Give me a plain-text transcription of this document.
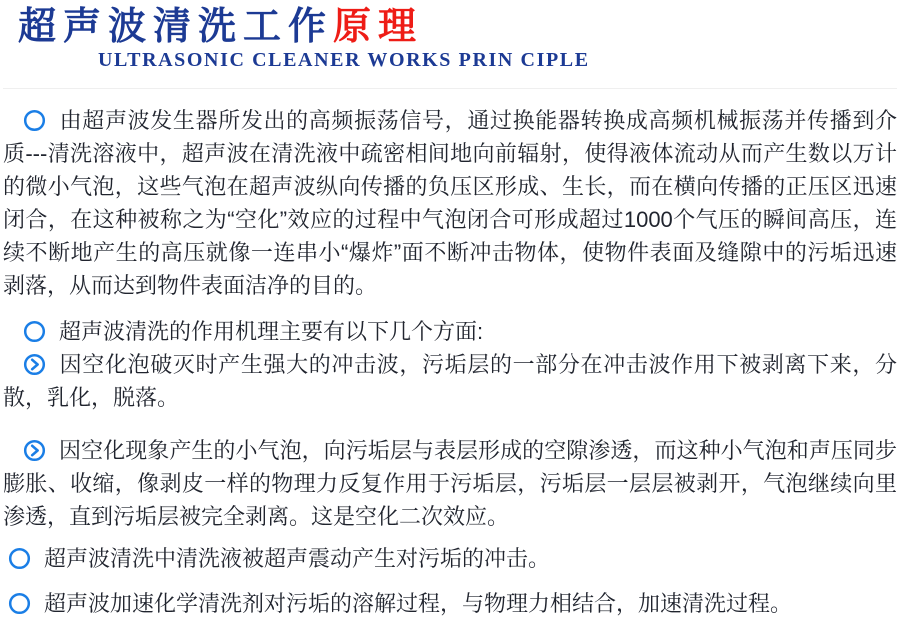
超声波清洗工作原理
ULTRASONIC CLEANER WORKS PRIN CIPLE

由超声波发生器所发出的高频振荡信号，通过换能器转换成高频机械振荡并传播到介质---清洗溶液中，超声波在清洗液中疏密相间地向前辐射，使得液体流动从而产生数以万计的微小气泡，这些气泡在超声波纵向传播的负压区形成、生长，而在横向传播的正压区迅速闭合，在这种被称之为“空化”效应的过程中气泡闭合可形成超过1000个气压的瞬间高压，连续不断地产生的高压就像一连串小“爆炸”面不断冲击物体，使物件表面及缝隙中的污垢迅速剥落，从而达到物件表面洁净的目的。

超声波清洗的作用机理主要有以下几个方面:

因空化泡破灭时产生强大的冲击波，污垢层的一部分在冲击波作用下被剥离下来，分散，乳化，脱落。

因空化现象产生的小气泡，向污垢层与表层形成的空隙渗透，而这种小气泡和声压同步膨胀、收缩，像剥皮一样的物理力反复作用于污垢层，污垢层一层层被剥开，气泡继续向里渗透，直到污垢层被完全剥离。这是空化二次效应。

超声波清洗中清洗液被超声震动产生对污垢的冲击。

超声波加速化学清洗剂对污垢的溶解过程，与物理力相结合，加速清洗过程。
